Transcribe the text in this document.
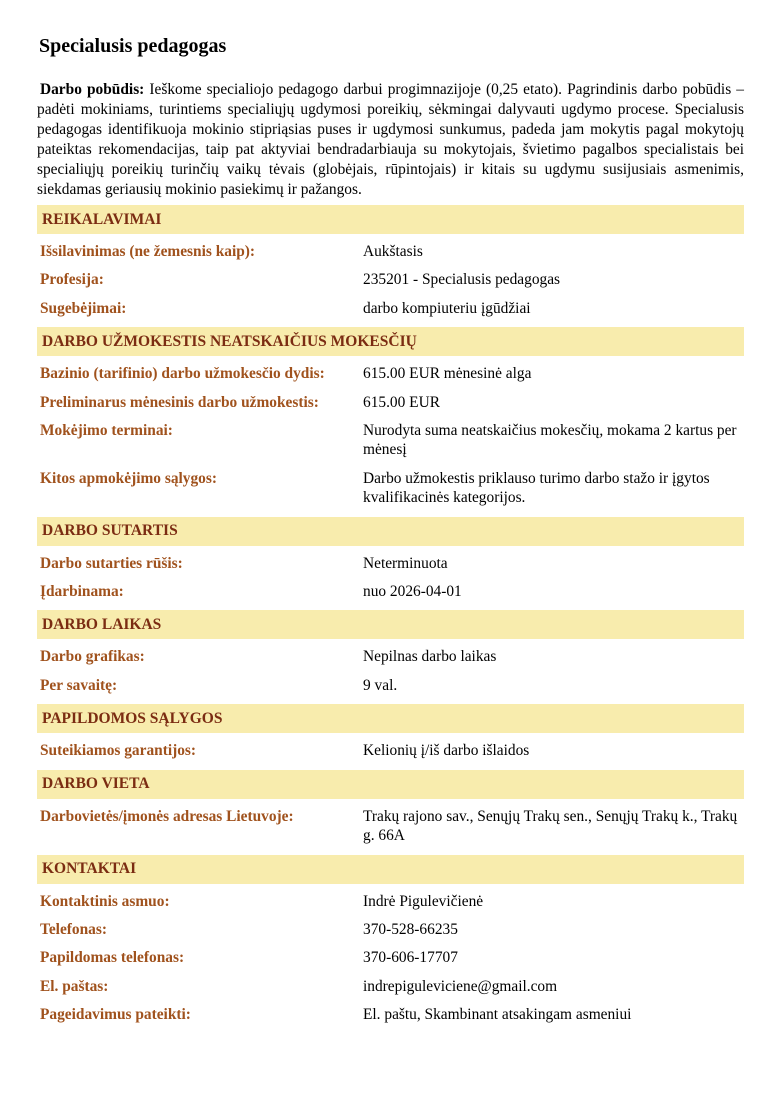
Specialusis pedagogas

Darbo pobūdis: Ieškome specialiojo pedagogo darbui progimnazijoje (0,25 etato). Pagrindinis darbo pobūdis – padėti mokiniams, turintiems specialiųjų ugdymosi poreikių, sėkmingai dalyvauti ugdymo procese. Specialusis pedagogas identifikuoja mokinio stipriąsias puses ir ugdymosi sunkumus, padeda jam mokytis pagal mokytojų pateiktas rekomendacijas, taip pat aktyviai bendradarbiauja su mokytojais, švietimo pagalbos specialistais bei specialiųjų poreikių turinčių vaikų tėvais (globėjais, rūpintojais) ir kitais su ugdymu susijusiais asmenimis, siekdamas geriausių mokinio pasiekimų ir pažangos.

REIKALAVIMAI
Išsilavinimas (ne žemesnis kaip):	Aukštasis
Profesija:	235201 - Specialusis pedagogas
Sugebėjimai:	darbo kompiuteriu įgūdžiai
DARBO UŽMOKESTIS NEATSKAIČIUS MOKESČIŲ
Bazinio (tarifinio) darbo užmokesčio dydis:	615.00 EUR mėnesinė alga
Preliminarus mėnesinis darbo užmokestis:	615.00 EUR
Mokėjimo terminai:	Nurodyta suma neatskaičius mokesčių, mokama 2 kartus per mėnesį
Kitos apmokėjimo sąlygos:	Darbo užmokestis priklauso turimo darbo stažo ir įgytos kvalifikacinės kategorijos.
DARBO SUTARTIS
Darbo sutarties rūšis:	Neterminuota
Įdarbinama:	nuo 2026-04-01
DARBO LAIKAS
Darbo grafikas:	Nepilnas darbo laikas
Per savaitę:	9 val.
PAPILDOMOS SĄLYGOS
Suteikiamos garantijos:	Kelionių į/iš darbo išlaidos
DARBO VIETA
Darbovietės/įmonės adresas Lietuvoje:	Trakų rajono sav., Senųjų Trakų sen., Senųjų Trakų k., Trakų g. 66A
KONTAKTAI
Kontaktinis asmuo:	Indrė Pigulevičienė
Telefonas:	370-528-66235
Papildomas telefonas:	370-606-17707
El. paštas:	indrepiguleviciene@gmail.com
Pageidavimus pateikti:	El. paštu, Skambinant atsakingam asmeniui
